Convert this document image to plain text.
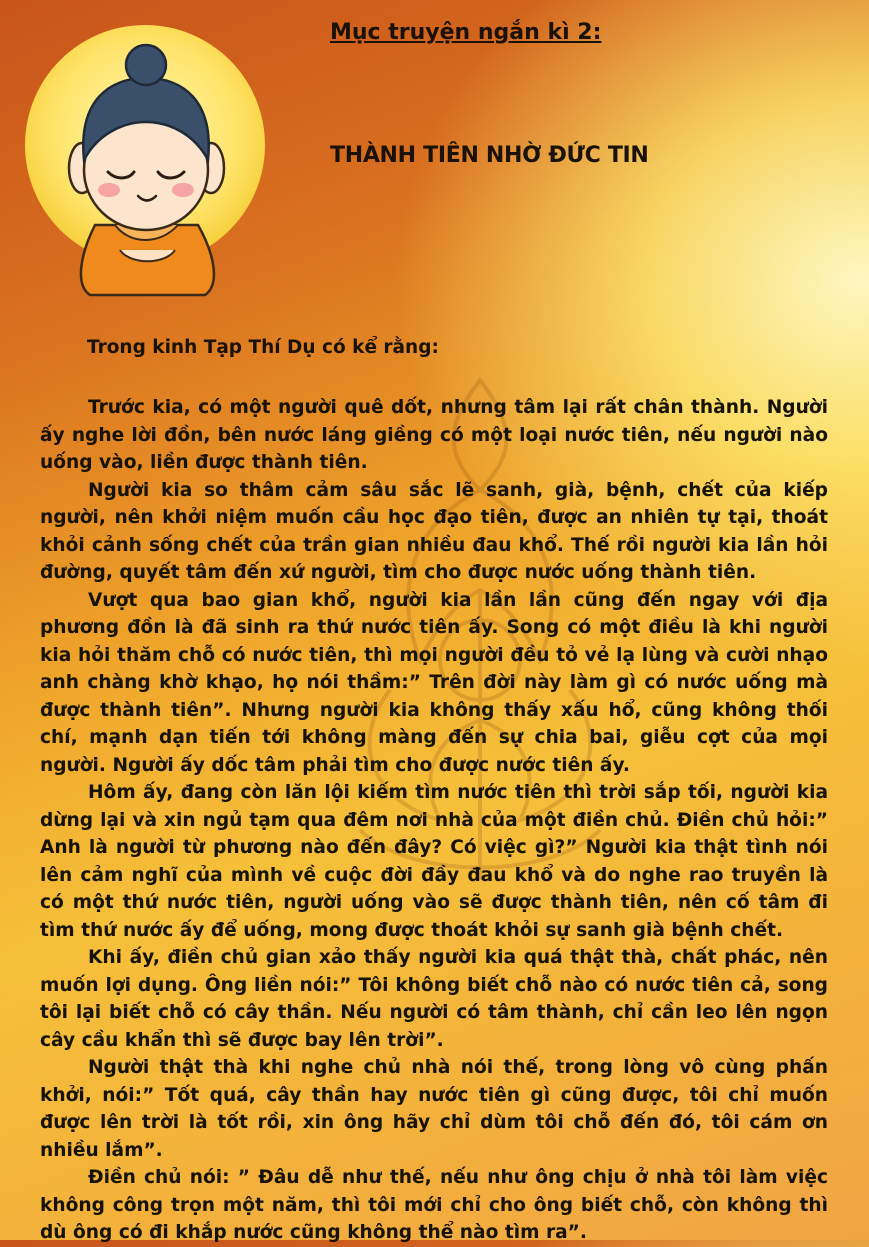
Mục truyện ngắn kì 2:
THÀNH TIÊN NHỜ ĐỨC TIN
Trong kinh Tạp Thí Dụ có kể rằng:

Trước kia, có một người quê dốt, nhưng tâm lại rất chân thành. Người ấy nghe lời đồn, bên nước láng giềng có một loại nước tiên, nếu người nào uống vào, liền được thành tiên.

Người kia so thâm cảm sâu sắc lẽ sanh, già, bệnh, chết của kiếp người, nên khởi niệm muốn cầu học đạo tiên, được an nhiên tự tại, thoát khỏi cảnh sống chết của trần gian nhiều đau khổ. Thế rồi người kia lần hỏi đường, quyết tâm đến xứ người, tìm cho được nước uống thành tiên.

Vượt qua bao gian khổ, người kia lần lần cũng đến ngay với địa phương đồn là đã sinh ra thứ nước tiên ấy. Song có một điều là khi người kia hỏi thăm chỗ có nước tiên, thì mọi người đều tỏ vẻ lạ lùng và cười nhạo anh chàng khờ khạo, họ nói thầm:” Trên đời này làm gì có nước uống mà được thành tiên”. Nhưng người kia không thấy xấu hổ, cũng không thối chí, mạnh dạn tiến tới không màng đến sự chia bai, giễu cợt của mọi người. Người ấy dốc tâm phải tìm cho được nước tiên ấy.

Hôm ấy, đang còn lăn lội kiếm tìm nước tiên thì trời sắp tối, người kia dừng lại và xin ngủ tạm qua đêm nơi nhà của một điền chủ. Điền chủ hỏi:” Anh là người từ phương nào đến đây? Có việc gì?” Người kia thật tình nói lên cảm nghĩ của mình về cuộc đời đầy đau khổ và do nghe rao truyền là có một thứ nước tiên, người uống vào sẽ được thành tiên, nên cố tâm đi tìm thứ nước ấy để uống, mong được thoát khỏi sự sanh già bệnh chết.

Khi ấy, điền chủ gian xảo thấy người kia quá thật thà, chất phác, nên muốn lợi dụng. Ông liền nói:” Tôi không biết chỗ nào có nước tiên cả, song tôi lại biết chỗ có cây thần. Nếu người có tâm thành, chỉ cần leo lên ngọn cây cầu khẩn thì sẽ được bay lên trời”.

Người thật thà khi nghe chủ nhà nói thế, trong lòng vô cùng phấn khởi, nói:” Tốt quá, cây thần hay nước tiên gì cũng được, tôi chỉ muốn được lên trời là tốt rồi, xin ông hãy chỉ dùm tôi chỗ đến đó, tôi cám ơn nhiều lắm”.

Điền chủ nói: ” Đâu dễ như thế, nếu như ông chịu ở nhà tôi làm việc không công trọn một năm, thì tôi mới chỉ cho ông biết chỗ, còn không thì dù ông có đi khắp nước cũng không thể nào tìm ra”.
